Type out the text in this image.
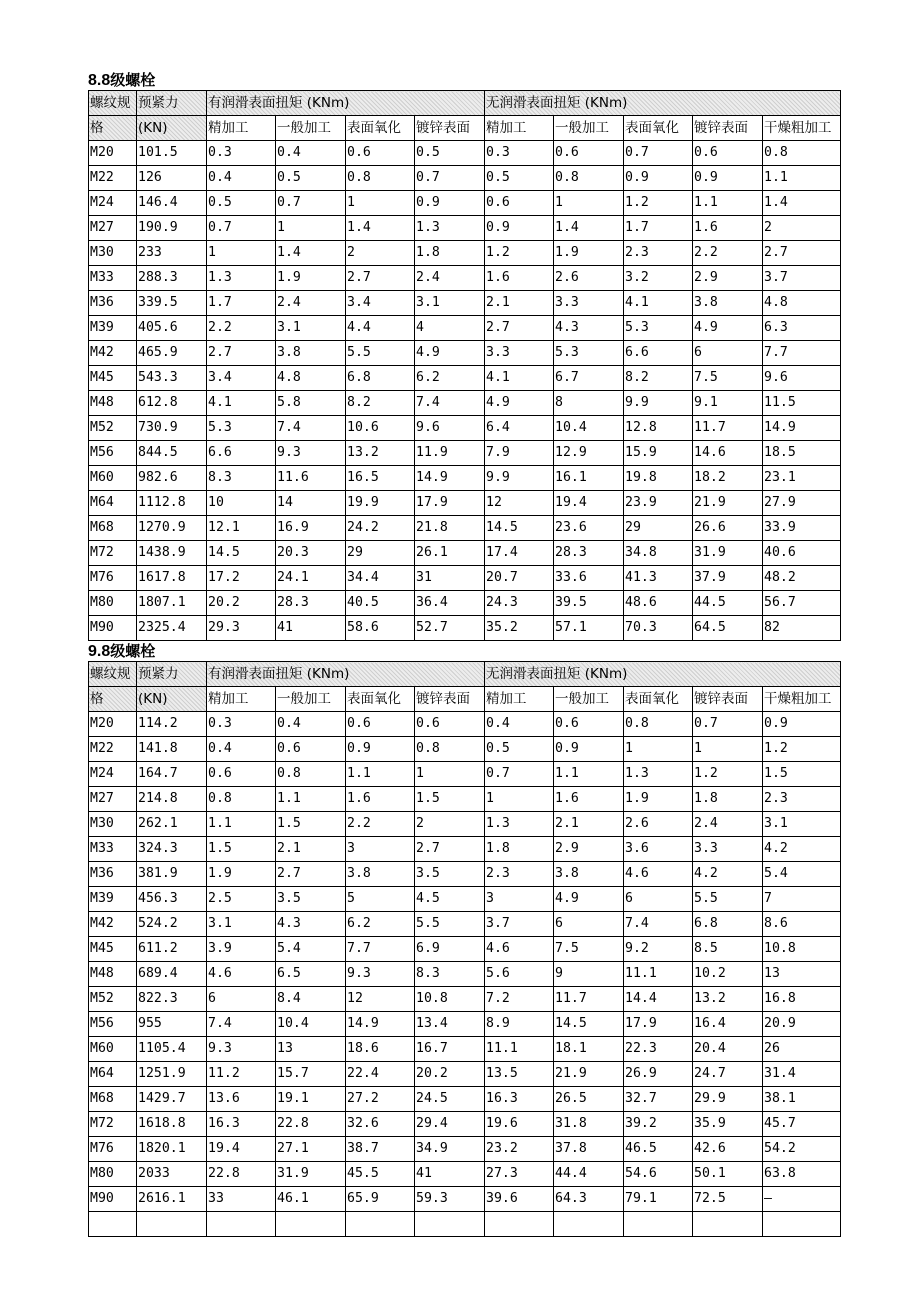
8.8级螺栓
螺纹规	预紧力	有润滑表面扭矩 (KNm)				无润滑表面扭矩 (KNm)				
格	(KN)	精加工	一般加工	表面氧化	镀锌表面	精加工	一般加工	表面氧化	镀锌表面	干燥粗加工
M20	101.5	0.3	0.4	0.6	0.5	0.3	0.6	0.7	0.6	0.8
M22	126	0.4	0.5	0.8	0.7	0.5	0.8	0.9	0.9	1.1
M24	146.4	0.5	0.7	1	0.9	0.6	1	1.2	1.1	1.4
M27	190.9	0.7	1	1.4	1.3	0.9	1.4	1.7	1.6	2
M30	233	1	1.4	2	1.8	1.2	1.9	2.3	2.2	2.7
M33	288.3	1.3	1.9	2.7	2.4	1.6	2.6	3.2	2.9	3.7
M36	339.5	1.7	2.4	3.4	3.1	2.1	3.3	4.1	3.8	4.8
M39	405.6	2.2	3.1	4.4	4	2.7	4.3	5.3	4.9	6.3
M42	465.9	2.7	3.8	5.5	4.9	3.3	5.3	6.6	6	7.7
M45	543.3	3.4	4.8	6.8	6.2	4.1	6.7	8.2	7.5	9.6
M48	612.8	4.1	5.8	8.2	7.4	4.9	8	9.9	9.1	11.5
M52	730.9	5.3	7.4	10.6	9.6	6.4	10.4	12.8	11.7	14.9
M56	844.5	6.6	9.3	13.2	11.9	7.9	12.9	15.9	14.6	18.5
M60	982.6	8.3	11.6	16.5	14.9	9.9	16.1	19.8	18.2	23.1
M64	1112.8	10	14	19.9	17.9	12	19.4	23.9	21.9	27.9
M68	1270.9	12.1	16.9	24.2	21.8	14.5	23.6	29	26.6	33.9
M72	1438.9	14.5	20.3	29	26.1	17.4	28.3	34.8	31.9	40.6
M76	1617.8	17.2	24.1	34.4	31	20.7	33.6	41.3	37.9	48.2
M80	1807.1	20.2	28.3	40.5	36.4	24.3	39.5	48.6	44.5	56.7
M90	2325.4	29.3	41	58.6	52.7	35.2	57.1	70.3	64.5	82
9.8级螺栓
螺纹规	预紧力	有润滑表面扭矩 (KNm)				无润滑表面扭矩 (KNm)				
格	(KN)	精加工	一般加工	表面氧化	镀锌表面	精加工	一般加工	表面氧化	镀锌表面	干燥粗加工
M20	114.2	0.3	0.4	0.6	0.6	0.4	0.6	0.8	0.7	0.9
M22	141.8	0.4	0.6	0.9	0.8	0.5	0.9	1	1	1.2
M24	164.7	0.6	0.8	1.1	1	0.7	1.1	1.3	1.2	1.5
M27	214.8	0.8	1.1	1.6	1.5	1	1.6	1.9	1.8	2.3
M30	262.1	1.1	1.5	2.2	2	1.3	2.1	2.6	2.4	3.1
M33	324.3	1.5	2.1	3	2.7	1.8	2.9	3.6	3.3	4.2
M36	381.9	1.9	2.7	3.8	3.5	2.3	3.8	4.6	4.2	5.4
M39	456.3	2.5	3.5	5	4.5	3	4.9	6	5.5	7
M42	524.2	3.1	4.3	6.2	5.5	3.7	6	7.4	6.8	8.6
M45	611.2	3.9	5.4	7.7	6.9	4.6	7.5	9.2	8.5	10.8
M48	689.4	4.6	6.5	9.3	8.3	5.6	9	11.1	10.2	13
M52	822.3	6	8.4	12	10.8	7.2	11.7	14.4	13.2	16.8
M56	955	7.4	10.4	14.9	13.4	8.9	14.5	17.9	16.4	20.9
M60	1105.4	9.3	13	18.6	16.7	11.1	18.1	22.3	20.4	26
M64	1251.9	11.2	15.7	22.4	20.2	13.5	21.9	26.9	24.7	31.4
M68	1429.7	13.6	19.1	27.2	24.5	16.3	26.5	32.7	29.9	38.1
M72	1618.8	16.3	22.8	32.6	29.4	19.6	31.8	39.2	35.9	45.7
M76	1820.1	19.4	27.1	38.7	34.9	23.2	37.8	46.5	42.6	54.2
M80	2033	22.8	31.9	45.5	41	27.3	44.4	54.6	50.1	63.8
M90	2616.1	33	46.1	65.9	59.3	39.6	64.3	79.1	72.5	—
